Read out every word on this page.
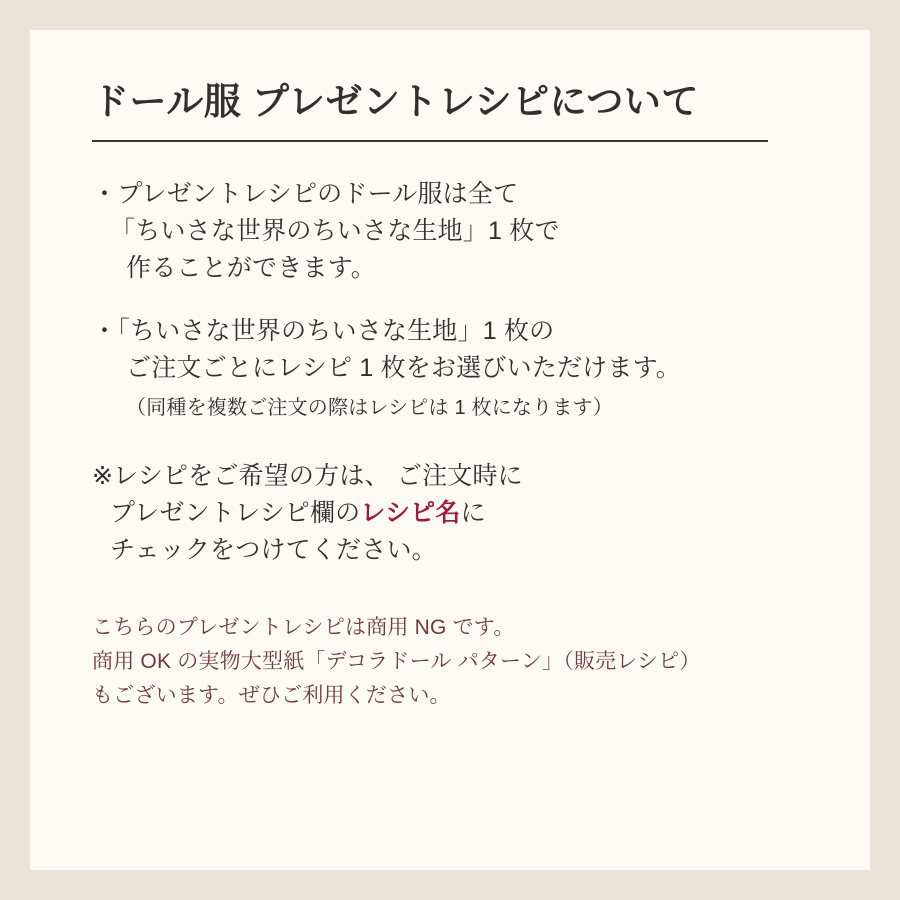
ドール服 プレゼントレシピについて
・プレゼントレシピのドール服は全て
「ちいさな世界のちいさな生地」1 枚で
作ることができます。
・「ちいさな世界のちいさな生地」1 枚の
ご注文ごとにレシピ 1 枚をお選びいただけます。
（同種を複数ご注文の際はレシピは 1 枚になります）
※レシピをご希望の方は、 ご注文時に
プレゼントレシピ欄のレシピ名に
チェックをつけてください。
こちらのプレゼントレシピは商用 NG です。
商用 OK の実物大型紙「デコラドール パターン」（販売レシピ）
もございます。ぜひご利用ください。
